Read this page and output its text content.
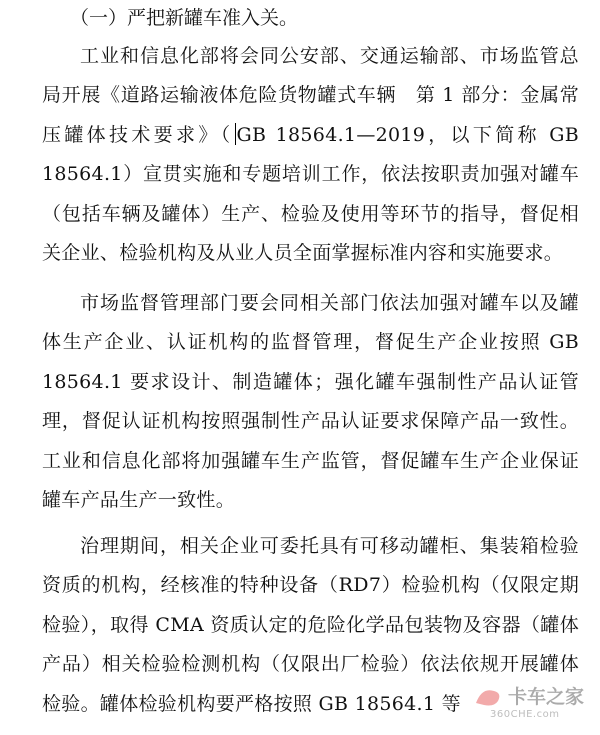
（一）严把新罐车准入关。

工业和信息化部将会同公安部、交通运输部、市场监管总局开展《道路运输液体危险货物罐式车辆　第 1 部分：金属常压罐体技术要求》（ GB 18564.1—2019，以下简称 GB 18564.1）宣贯实施和专题培训工作，依法按职责加强对罐车（包括车辆及罐体）生产、检验及使用等环节的指导，督促相关企业、检验机构及从业人员全面掌握标准内容和实施要求。

市场监督管理部门要会同相关部门依法加强对罐车以及罐体生产企业、认证机构的监督管理，督促生产企业按照 GB 18564.1 要求设计、制造罐体；强化罐车强制性产品认证管理，督促认证机构按照强制性产品认证要求保障产品一致性。工业和信息化部将加强罐车生产监管，督促罐车生产企业保证罐车产品生产一致性。

治理期间，相关企业可委托具有可移动罐柜、集装箱检验资质的机构，经核准的特种设备（RD7）检验机构（仅限定期检验），取得 CMA 资质认定的危险化学品包装物及容器（罐体产品）相关检验检测机构（仅限出厂检验）依法依规开展罐体检验。罐体检验机构要严格按照 GB 18564.1 等	卡车之家
360CHE.com
